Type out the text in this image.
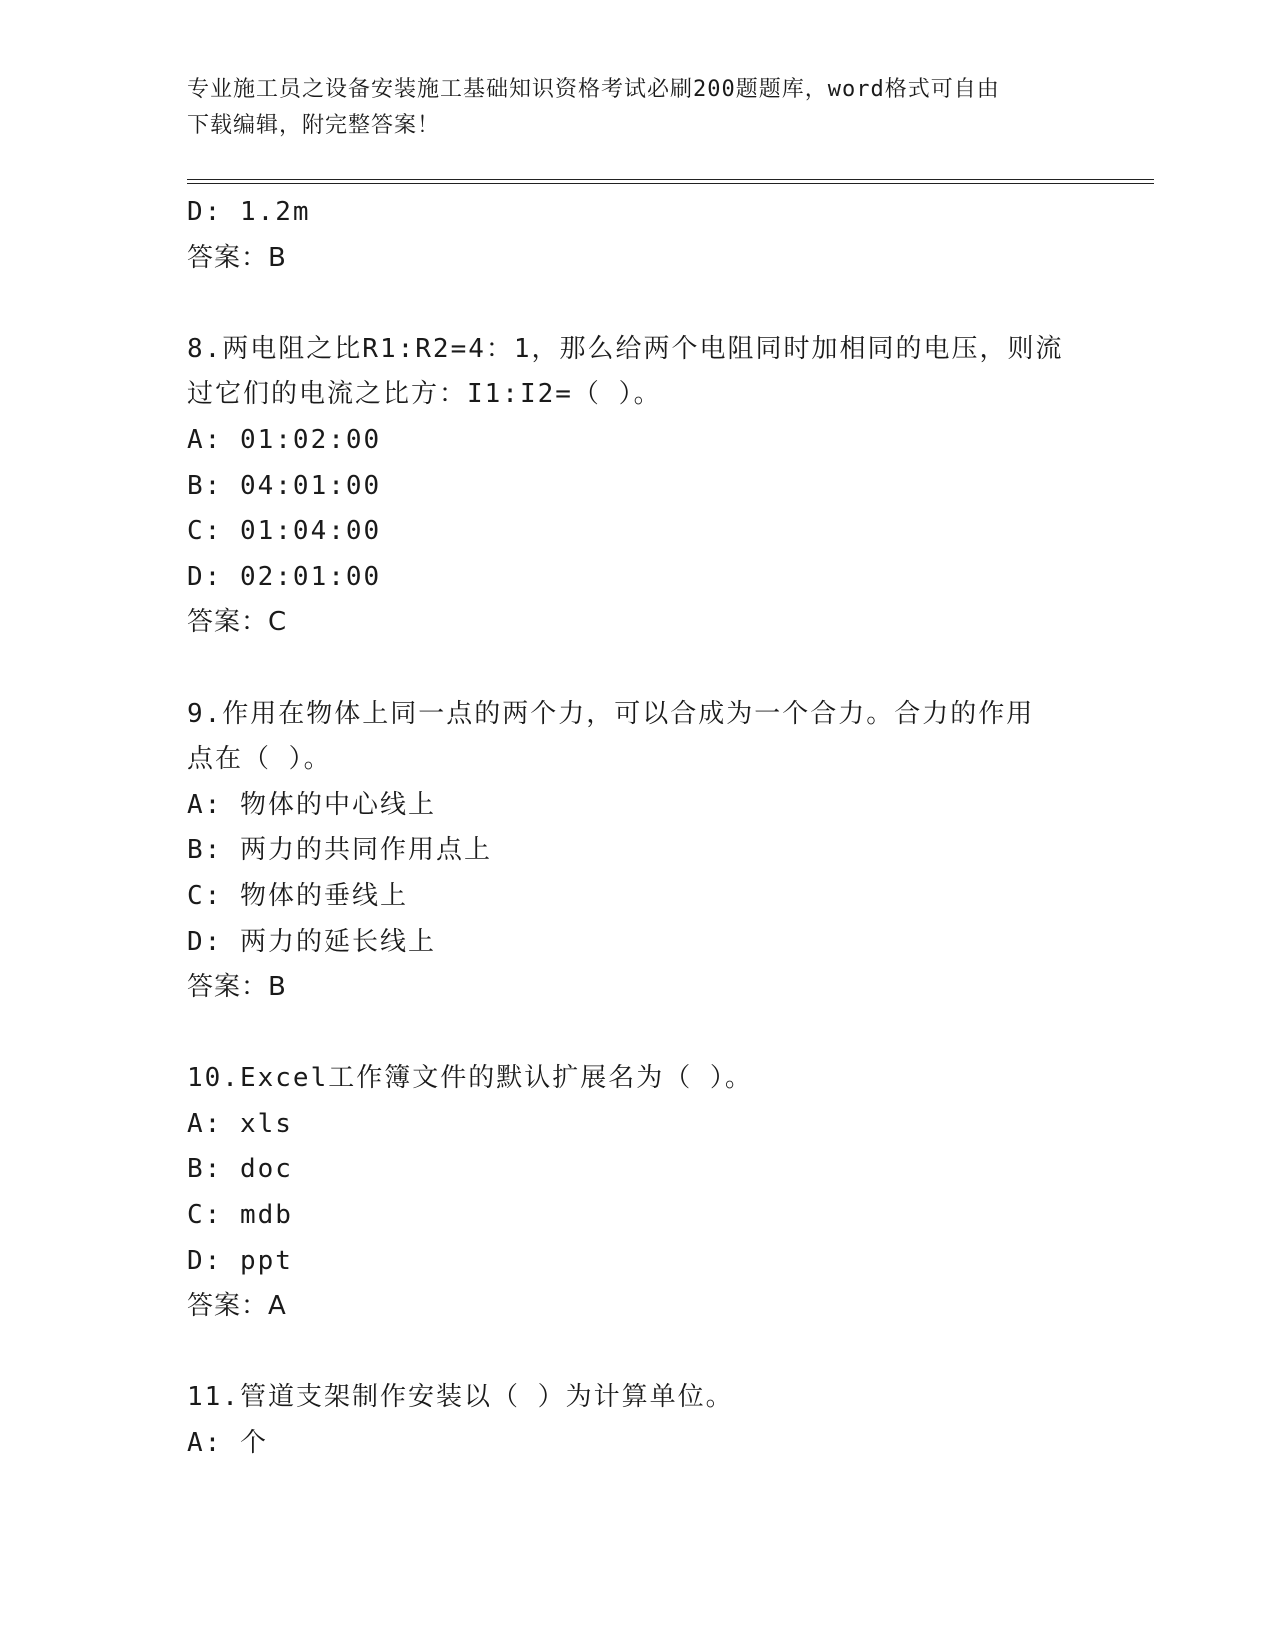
专业施工员之设备安装施工基础知识资格考试必刷200题题库，word格式可自由
下载编辑，附完整答案！
D: 1.2m
答案：B
8.两电阻之比R1:R2=4：1，那么给两个电阻同时加相同的电压，则流
过它们的电流之比方：I1:I2=（ ）。
A: 01:02:00
B: 04:01:00
C: 01:04:00
D: 02:01:00
答案：C
9.作用在物体上同一点的两个力，可以合成为一个合力。合力的作用
点在（ ）。
A: 物体的中心线上
B: 两力的共同作用点上
C: 物体的垂线上
D: 两力的延长线上
答案：B
10.Excel工作簿文件的默认扩展名为（ ）。
A: xls
B: doc
C: mdb
D: ppt
答案：A
11.管道支架制作安装以（ ）为计算单位。
A: 个
